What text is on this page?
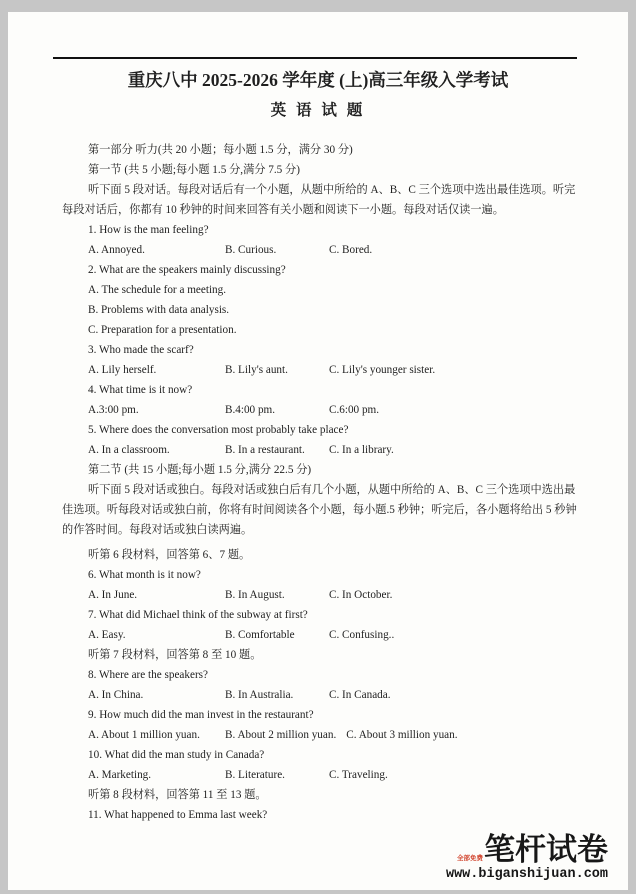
重庆八中 2025-2026 学年度 (上)高三年级入学考试
英 语 试 题
第一部分 听力(共 20 小题；每小题 1.5 分，满分 30 分)
第一节 (共 5 小题;每小题 1.5 分,满分 7.5 分)
听下面 5 段对话。每段对话后有一个小题，从题中所给的 A、B、C 三个选项中选出最佳选项。听完
每段对话后，你都有 10 秒钟的时间来回答有关小题和阅读下一小题。每段对话仅读一遍。
1. How is the man feeling?
A. Annoyed.	B. Curious.	C. Bored.
2. What are the speakers mainly discussing?
A. The schedule for a meeting.
B. Problems with data analysis.
C. Preparation for a presentation.
3. Who made the scarf?
A. Lily herself.	B. Lily's aunt.	C. Lily's younger sister.
4. What time is it now?
A.3:00 pm.	B.4:00 pm.	C.6:00 pm.
5. Where does the conversation most probably take place?
A. In a classroom.	B. In a restaurant.	C. In a library.
第二节 (共 15 小题;每小题 1.5 分,满分 22.5 分)
听下面 5 段对话或独白。每段对话或独白后有几个小题，从题中所给的 A、B、C 三个选项中选出最
佳选项。听每段对话或独白前，你将有时间阅读各个小题，每小题.5 秒钟；听完后，各小题将给出 5 秒钟
的作答时间。每段对话或独白读两遍。
听第 6 段材料，回答第 6、7 题。
6. What month is it now?
A. In June.	B. In August.	C. In October.
7. What did Michael think of the subway at first?
A. Easy.	B. Comfortable	C. Confusing..
听第 7 段材料，回答第 8 至 10 题。
8. Where are the speakers?
A. In China.	B. In Australia.	C. In Canada.
9. How much did the man invest in the restaurant?
A. About 1 million yuan.	B. About 2 million yuan. C. About 3 million yuan.
10. What did the man study in Canada?
A. Marketing.	B. Literature.	C. Traveling.
听第 8 段材料，回答第 11 至 13 题。
11. What happened to Emma last week?
全部免费 笔杆试卷
www.biganshijuan.com
